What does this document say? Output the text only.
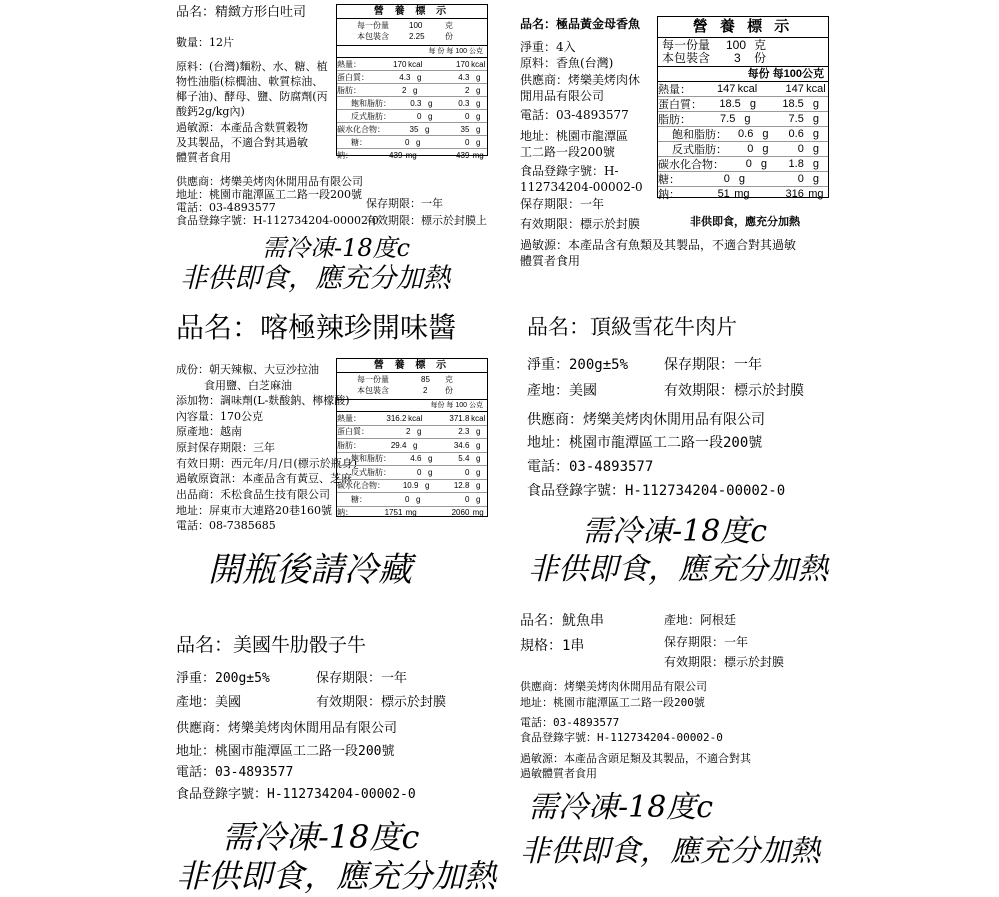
品名：精緻方形白吐司
數量：12片
原料：(台灣)麵粉、水、糖、植
物性油脂(棕櫚油、軟質棕油、
椰子油)、酵母、鹽、防腐劑(丙
酸鈣2g/kg內)
過敏源：本產品含麩質穀物
及其製品，不適合對其過敏
體質者食用
供應商：烤樂美烤肉休閒用品有限公司
地址：桃園市龍潭區工二路一段200號
電話：03-4893577	保存期限：一年
食品登錄字號：H-112734204-00002-0
有效期限：標示於封膜上
需冷凍-18度c
非供即食，應充分加熱
營 養 標 示
每一份量	100	克
本包裝含	2.25	份
每 份 每 100 公克
熱量：	170 kcal	170 kcal
蛋白質：	4.3 g	4.3 g
脂肪：	2 g	2 g
飽和脂肪：	0.3 g	0.3 g
反式脂肪：	0 g	0 g
碳水化合物：	35 g	35 g
糖：	0 g	0 g
鈉：	439 mg	439 mg
品名：極品黃金母香魚
淨重：4入
原料：香魚(台灣)
供應商：烤樂美烤肉休
閒用品有限公司
電話：03-4893577
地址：桃園市龍潭區
工二路一段200號
食品登錄字號：H-
112734204-00002-0
保存期限：一年
有效期限：標示於封膜	非供即食，應充分加熱
過敏源：本產品含有魚類及其製品，不適合對其過敏
體質者食用
營 養 標 示
每一份量 100 克
本包裝含 3 份
每份 每100公克
熱量：	147 kcal	147 kcal
蛋白質：	18.5 g	18.5 g
脂肪：	7.5 g	7.5 g
飽和脂肪：	0.6 g	0.6 g
反式脂肪：	0 g	0 g
碳水化合物：	0 g	1.8 g
糖：	0 g	0 g
鈉：	51 mg	316 mg
品名：喀極辣珍開味醬
成份：朝天辣椒、大豆沙拉油
食用鹽、白芝麻油
添加物：調味劑(L-麩酸鈉、檸檬酸)
內容量：170公克
原產地：越南
原封保存期限：三年
有效日期：西元年/月/日(標示於瓶身)
過敏原資訊：本產品含有黃豆、芝麻
出品商：禾松食品生技有限公司
地址：屏東市大連路20巷160號
電話：08-7385685
開瓶後請冷藏
營 養 標 示
每一份量	85 克
本包裝含	2 份
每份 每 100 公克
熱量：	316.2 kcal	371.8 kcal
蛋白質：	2 g	2.3 g
脂肪：	29.4 g	34.6 g
飽和脂肪：	4.6 g	5.4 g
反式脂肪：	0 g	0 g
碳水化合物：	10.9 g	12.8 g
糖：	0 g	0 g
鈉：	1751 mg	2060 mg
品名：頂級雪花牛肉片
淨重：200g±5%	保存期限：一年
產地：美國	有效期限：標示於封膜
供應商：烤樂美烤肉休閒用品有限公司
地址：桃園市龍潭區工二路一段200號
電話：03-4893577
食品登錄字號：H-112734204-00002-0
需冷凍-18度c
非供即食，應充分加熱
品名：美國牛肋骰子牛
淨重：200g±5%	保存期限：一年
產地：美國	有效期限：標示於封膜
供應商：烤樂美烤肉休閒用品有限公司
地址：桃園市龍潭區工二路一段200號
電話：03-4893577
食品登錄字號：H-112734204-00002-0
需冷凍-18度c
非供即食，應充分加熱
品名：魷魚串	產地：阿根廷
規格：1串	保存期限：一年
有效期限：標示於封膜
供應商：烤樂美烤肉休閒用品有限公司
地址：桃園市龍潭區工二路一段200號
電話：03-4893577
食品登錄字號：H-112734204-00002-0
過敏源：本產品含頭足類及其製品，不適合對其
過敏體質者食用
需冷凍-18度c
非供即食，應充分加熱
